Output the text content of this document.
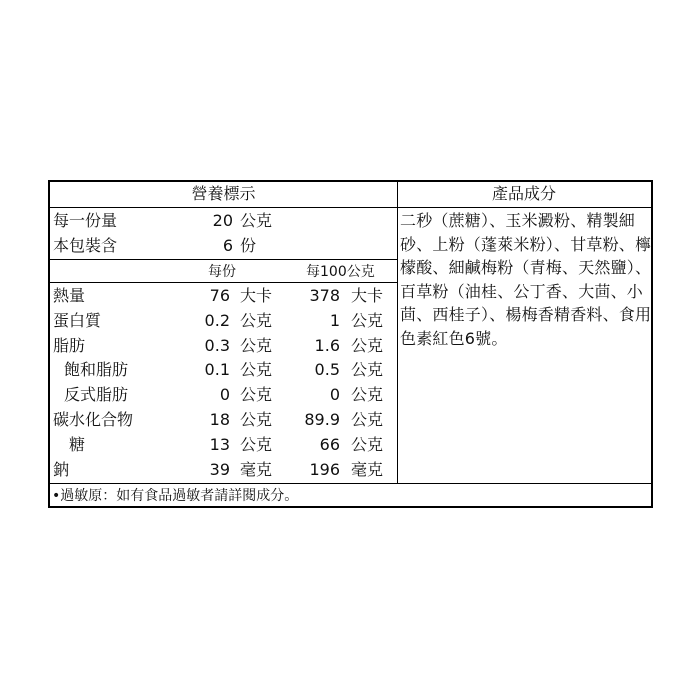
營養標示	產品成分
每一份量	20 公克
本包裝含	6 份
每份	每100公克
熱量	76 大卡	378 大卡
蛋白質	0.2 公克	1 公克
脂肪	0.3 公克	1.6 公克
飽和脂肪	0.1 公克	0.5 公克
反式脂肪	0 公克	0 公克
碳水化合物	18 公克	89.9 公克
糖	13 公克	66 公克
鈉	39 毫克	196 毫克
二秒（蔗糖）、玉米澱粉、精製細砂、上粉（蓬萊米粉）、甘草粉、檸檬酸、細鹹梅粉（青梅、天然鹽）、百草粉（油桂、公丁香、大茴、小茴、西桂子）、楊梅香精香料、食用色素紅色6號。
•過敏原：如有食品過敏者請詳閱成分。
